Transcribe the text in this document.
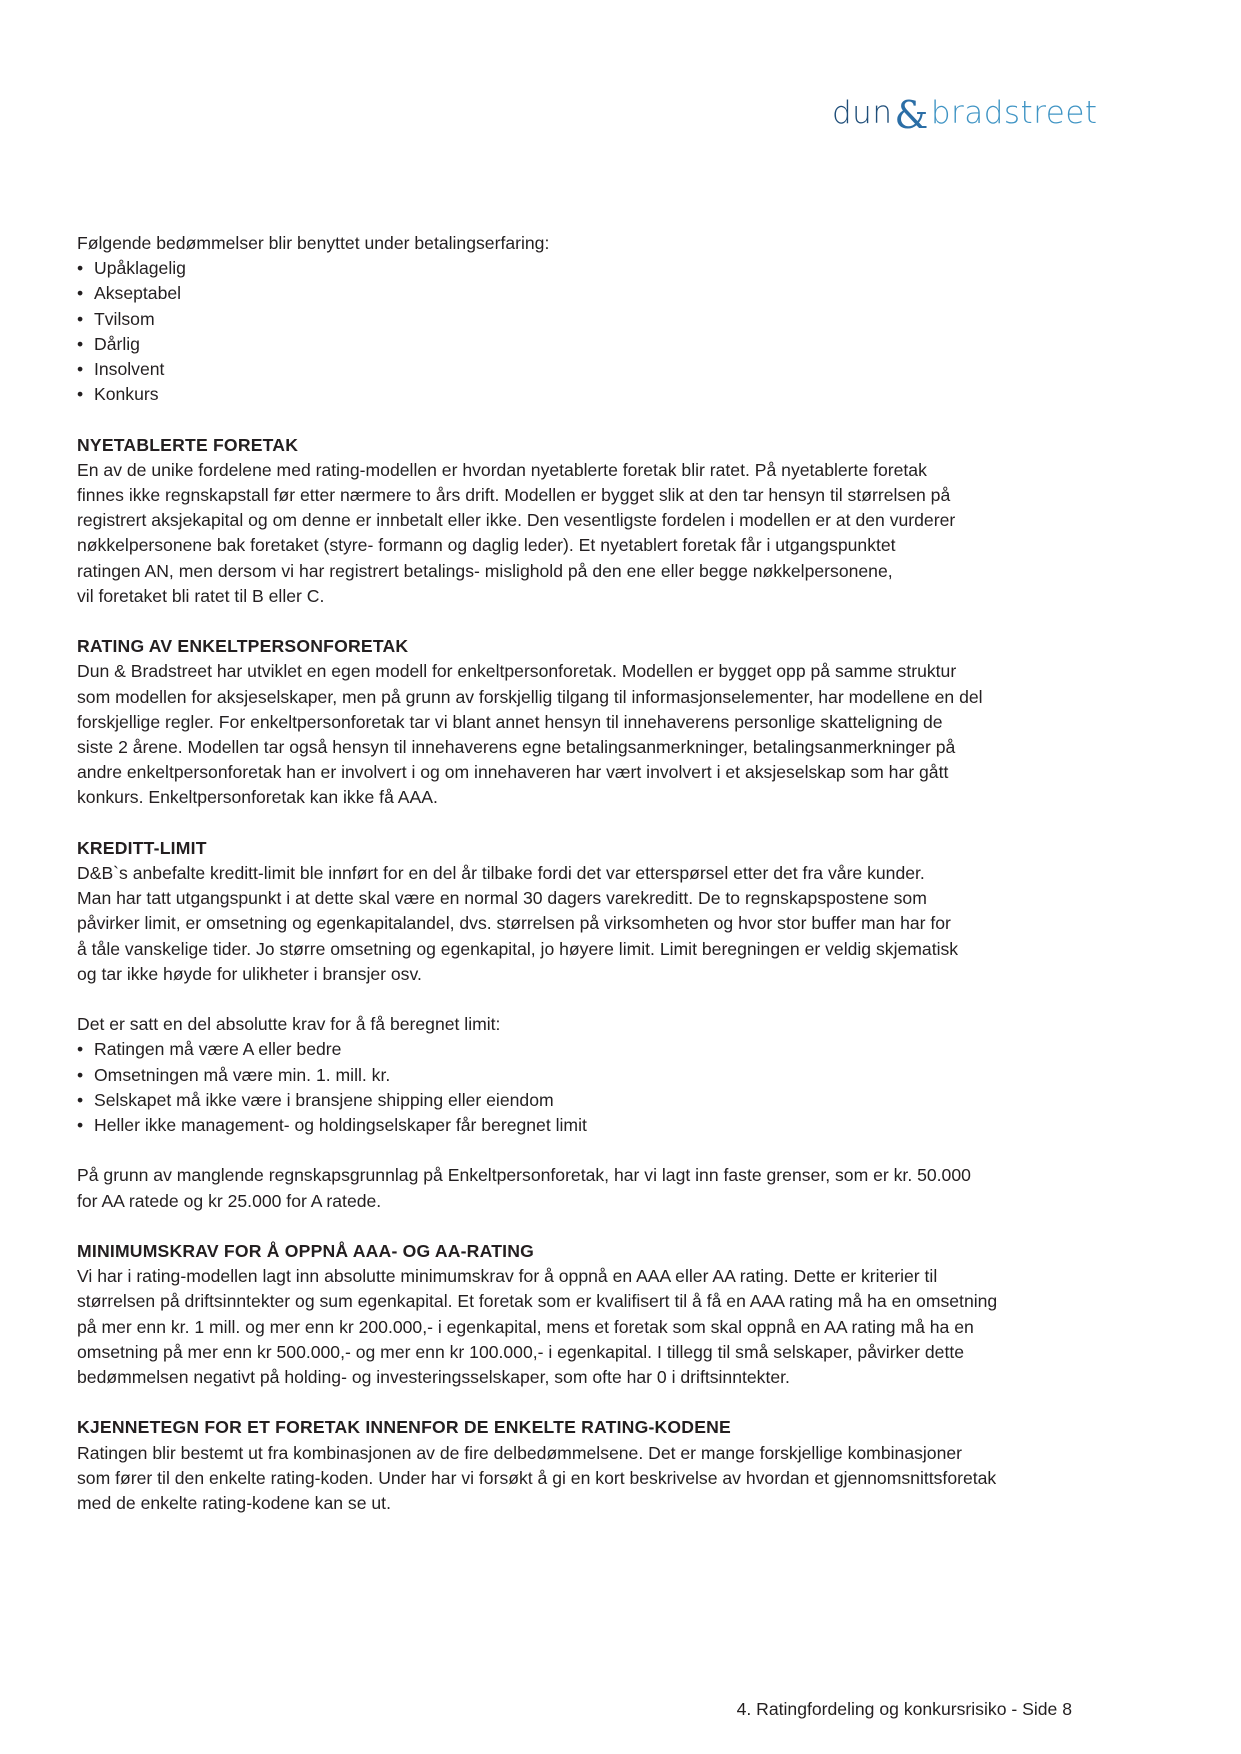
dun & bradstreet
Følgende bedømmelser blir benyttet under betalingserfaring:
• Upåklagelig
• Akseptabel
• Tvilsom
• Dårlig
• Insolvent
• Konkurs
NYETABLERTE FORETAK
En av de unike fordelene med rating-modellen er hvordan nyetablerte foretak blir ratet. På nyetablerte foretak
finnes ikke regnskapstall før etter nærmere to års drift. Modellen er bygget slik at den tar hensyn til størrelsen på
registrert aksjekapital og om denne er innbetalt eller ikke. Den vesentligste fordelen i modellen er at den vurderer
nøkkelpersonene bak foretaket (styre- formann og daglig leder). Et nyetablert foretak får i utgangspunktet
ratingen AN, men dersom vi har registrert betalings- mislighold på den ene eller begge nøkkelpersonene,
vil foretaket bli ratet til B eller C.
RATING AV ENKELTPERSONFORETAK
Dun & Bradstreet har utviklet en egen modell for enkeltpersonforetak. Modellen er bygget opp på samme struktur
som modellen for aksjeselskaper, men på grunn av forskjellig tilgang til informasjonselementer, har modellene en del
forskjellige regler. For enkeltpersonforetak tar vi blant annet hensyn til innehaverens personlige skatteligning de
siste 2 årene. Modellen tar også hensyn til innehaverens egne betalingsanmerkninger, betalingsanmerkninger på
andre enkeltpersonforetak han er involvert i og om innehaveren har vært involvert i et aksjeselskap som har gått
konkurs. Enkeltpersonforetak kan ikke få AAA.
KREDITT-LIMIT
D&B`s anbefalte kreditt-limit ble innført for en del år tilbake fordi det var etterspørsel etter det fra våre kunder.
Man har tatt utgangspunkt i at dette skal være en normal 30 dagers varekreditt. De to regnskapspostene som
påvirker limit, er omsetning og egenkapitalandel, dvs. størrelsen på virksomheten og hvor stor buffer man har for
å tåle vanskelige tider. Jo større omsetning og egenkapital, jo høyere limit. Limit beregningen er veldig skjematisk
og tar ikke høyde for ulikheter i bransjer osv.
Det er satt en del absolutte krav for å få beregnet limit:
• Ratingen må være A eller bedre
• Omsetningen må være min. 1. mill. kr.
• Selskapet må ikke være i bransjene shipping eller eiendom
• Heller ikke management- og holdingselskaper får beregnet limit
På grunn av manglende regnskapsgrunnlag på Enkeltpersonforetak, har vi lagt inn faste grenser, som er kr. 50.000
for AA ratede og kr 25.000 for A ratede.
MINIMUMSKRAV FOR Å OPPNÅ AAA- OG AA-RATING
Vi har i rating-modellen lagt inn absolutte minimumskrav for å oppnå en AAA eller AA rating. Dette er kriterier til
størrelsen på driftsinntekter og sum egenkapital. Et foretak som er kvalifisert til å få en AAA rating må ha en omsetning
på mer enn kr. 1 mill. og mer enn kr 200.000,- i egenkapital, mens et foretak som skal oppnå en AA rating må ha en
omsetning på mer enn kr 500.000,- og mer enn kr 100.000,- i egenkapital. I tillegg til små selskaper, påvirker dette
bedømmelsen negativt på holding- og investeringsselskaper, som ofte har 0 i driftsinntekter.
KJENNETEGN FOR ET FORETAK INNENFOR DE ENKELTE RATING-KODENE
Ratingen blir bestemt ut fra kombinasjonen av de fire delbedømmelsene. Det er mange forskjellige kombinasjoner
som fører til den enkelte rating-koden. Under har vi forsøkt å gi en kort beskrivelse av hvordan et gjennomsnittsforetak
med de enkelte rating-kodene kan se ut.
4. Ratingfordeling og konkursrisiko - Side 8
